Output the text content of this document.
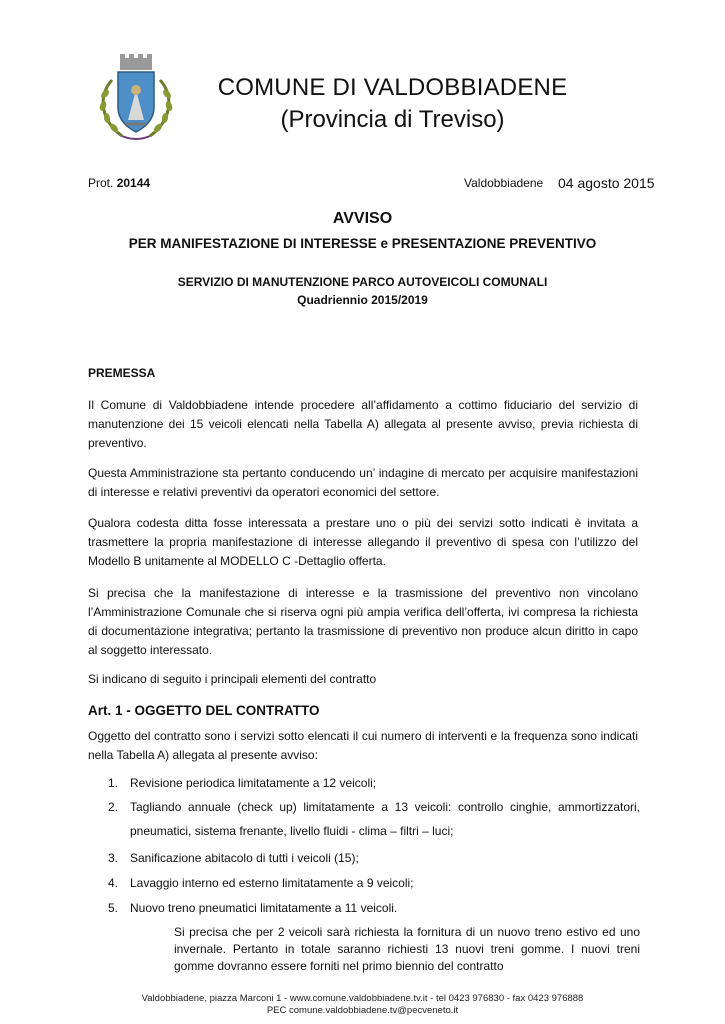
COMUNE DI VALDOBBIADENE
(Provincia di Treviso)
Prot. 20144	Valdobbiadene 04 agosto 2015
AVVISO
PER MANIFESTAZIONE DI INTERESSE e PRESENTAZIONE PREVENTIVO
SERVIZIO DI MANUTENZIONE PARCO AUTOVEICOLI COMUNALI
Quadriennio 2015/2019
PREMESSA

Il Comune di Valdobbiadene intende procedere all’affidamento a cottimo fiduciario del servizio di manutenzione dei 15 veicoli elencati nella Tabella A) allegata al presente avviso, previa richiesta di preventivo.

Questa Amministrazione sta pertanto conducendo un’ indagine di mercato per acquisire manifestazioni di interesse e relativi preventivi da operatori economici del settore.

Qualora codesta ditta fosse interessata a prestare uno o più dei servizi sotto indicati è invitata a trasmettere la propria manifestazione di interesse allegando il preventivo di spesa con l’utilizzo del Modello B unitamente al MODELLO C -Dettaglio offerta.

Si precisa che la manifestazione di interesse e la trasmissione del preventivo non vincolano l’Amministrazione Comunale che si riserva ogni più ampia verifica dell’offerta, ivi compresa la richiesta di documentazione integrativa; pertanto la trasmissione di preventivo non produce alcun diritto in capo al soggetto interessato.

Si indicano di seguito i principali elementi del contratto

Art. 1 - OGGETTO DEL CONTRATTO

Oggetto del contratto sono i servizi sotto elencati il cui numero di interventi e la frequenza sono indicati nella Tabella A) allegata al presente avviso:

1. Revisione periodica limitatamente a 12 veicoli;
2. Tagliando annuale (check up) limitatamente a 13 veicoli: controllo cinghie, ammortizzatori, pneumatici, sistema frenante, livello fluidi - clima – filtri – luci;
3. Sanificazione abitacolo di tutti i veicoli (15);
4. Lavaggio interno ed esterno limitatamente a 9 veicoli;
5. Nuovo treno pneumatici limitatamente a 11 veicoli.
Si precisa che per 2 veicoli sarà richiesta la fornitura di un nuovo treno estivo ed uno invernale. Pertanto in totale saranno richiesti 13 nuovi treni gomme. I nuovi treni gomme dovranno essere forniti nel primo biennio del contratto
Valdobbiadene, piazza Marconi 1 - www.comune.valdobbiadene.tv.it - tel 0423 976830 - fax 0423 976888
PEC comune.valdobbiadene.tv@pecveneto.it
